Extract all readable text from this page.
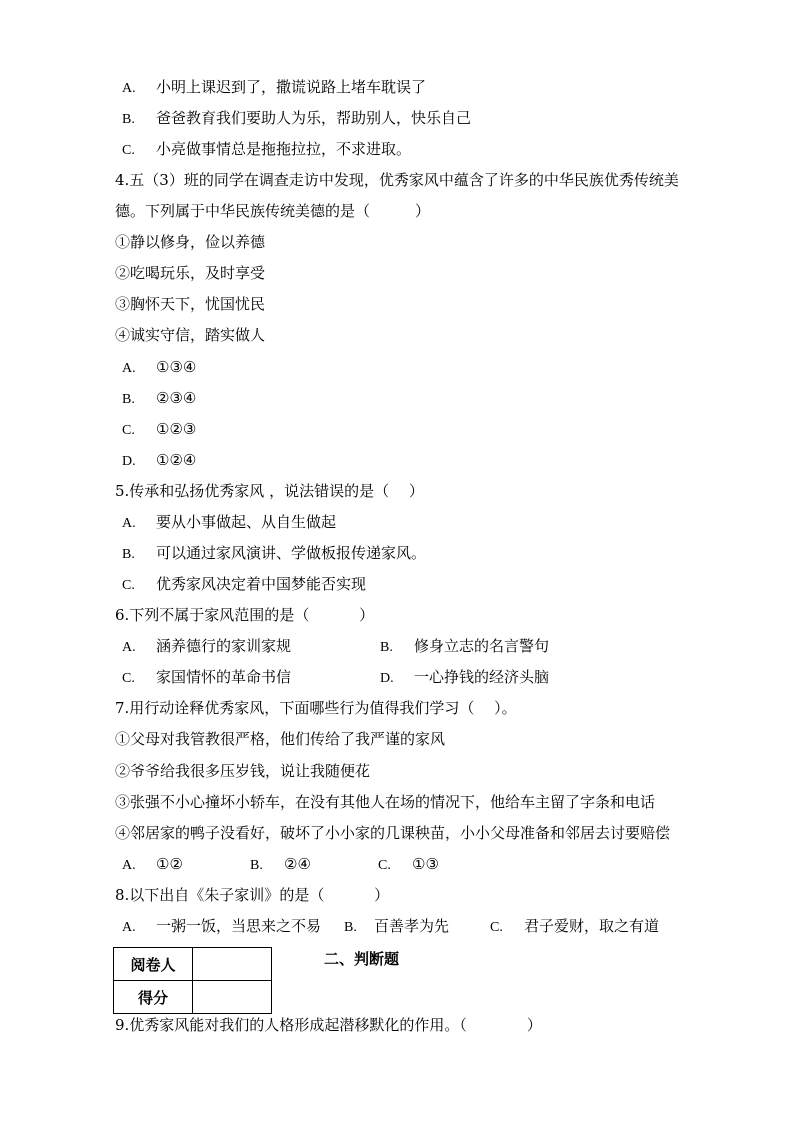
A. 小明上课迟到了，撒谎说路上堵车耽误了
B. 爸爸教育我们要助人为乐，帮助别人，快乐自己
C. 小亮做事情总是拖拖拉拉，不求进取。
4.五（3）班的同学在调查走访中发现，优秀家风中蕴含了许多的中华民族优秀传统美
德。下列属于中华民族传统美德的是（　　　）
①静以修身，俭以养德
②吃喝玩乐，及时享受
③胸怀天下，忧国忧民
④诚实守信，踏实做人
A. ①③④
B. ②③④
C. ①②③
D. ①②④
5.传承和弘扬优秀家风 ，说法错误的是（　 ）
A. 要从小事做起、从自生做起
B. 可以通过家风演讲、学做板报传递家风。
C. 优秀家风决定着中国梦能否实现
6.下列不属于家风范围的是（　　　 ）
A. 涵养德行的家训家规	B. 修身立志的名言警句
C. 家国情怀的革命书信	D. 一心挣钱的经济头脑
7.用行动诠释优秀家风，下面哪些行为值得我们学习（　 ）。
①父母对我管教很严格，他们传给了我严谨的家风
②爷爷给我很多压岁钱，说让我随便花
③张强不小心撞坏小轿车，在没有其他人在场的情况下，他给车主留了字条和电话
④邻居家的鸭子没看好，破坏了小小家的几课秧苗，小小父母准备和邻居去讨要赔偿
A. ①②	B. ②④	C. ①③
8.以下出自《朱子家训》的是（　　　 ）
A. 一粥一饭，当思来之不易 B. 百善孝为先	C. 君子爱财，取之有道
阅卷人	
得分	
二、判断题
9.优秀家风能对我们的人格形成起潜移默化的作用。（　　　　）
